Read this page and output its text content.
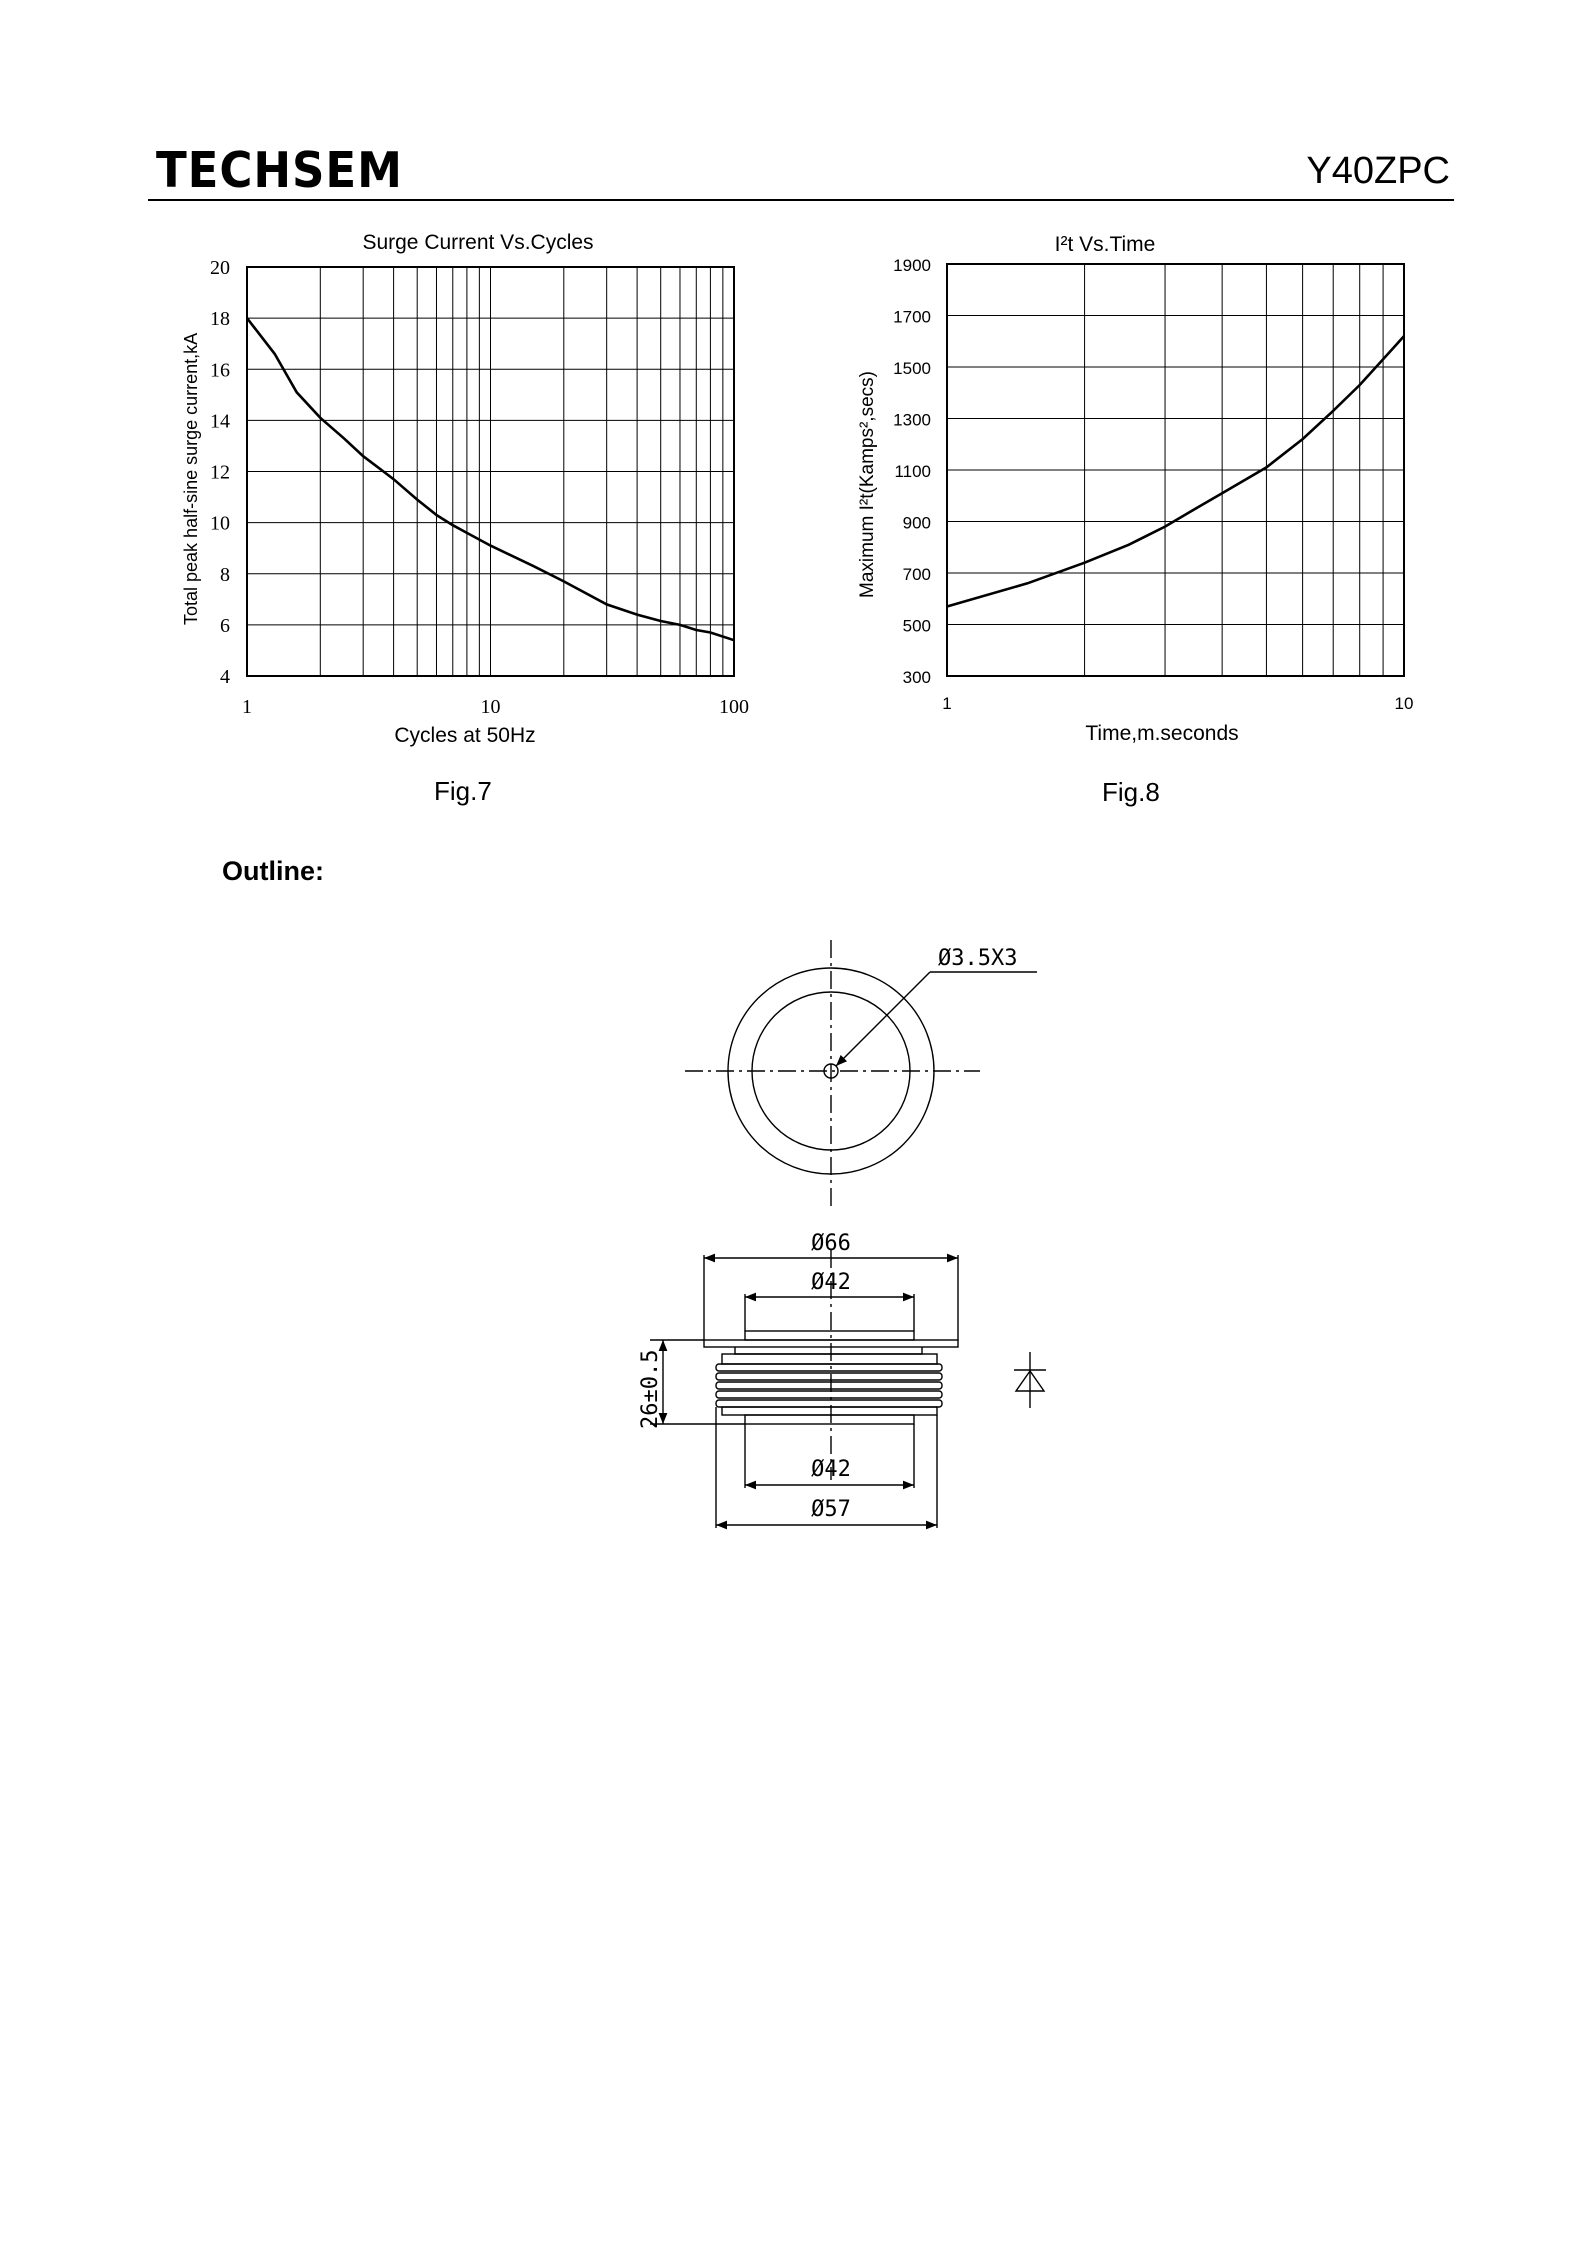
TECHSEM	Y40ZPC
4
6
8
10
12
14
16
18
20
1	10	100
Surge Current Vs.Cycles
Cycles at 50Hz
Total peak half-sine surge current,kA
Fig.7
300
500
700
900
1100
1300
1500
1700
1900
1	10
I²t Vs.Time
Time,m.seconds
Maximum I²t(Kamps²,secs)
Fig.8
Outline:
Ø3.5X3
Ø66
Ø42
26±0.5
Ø42
Ø57
